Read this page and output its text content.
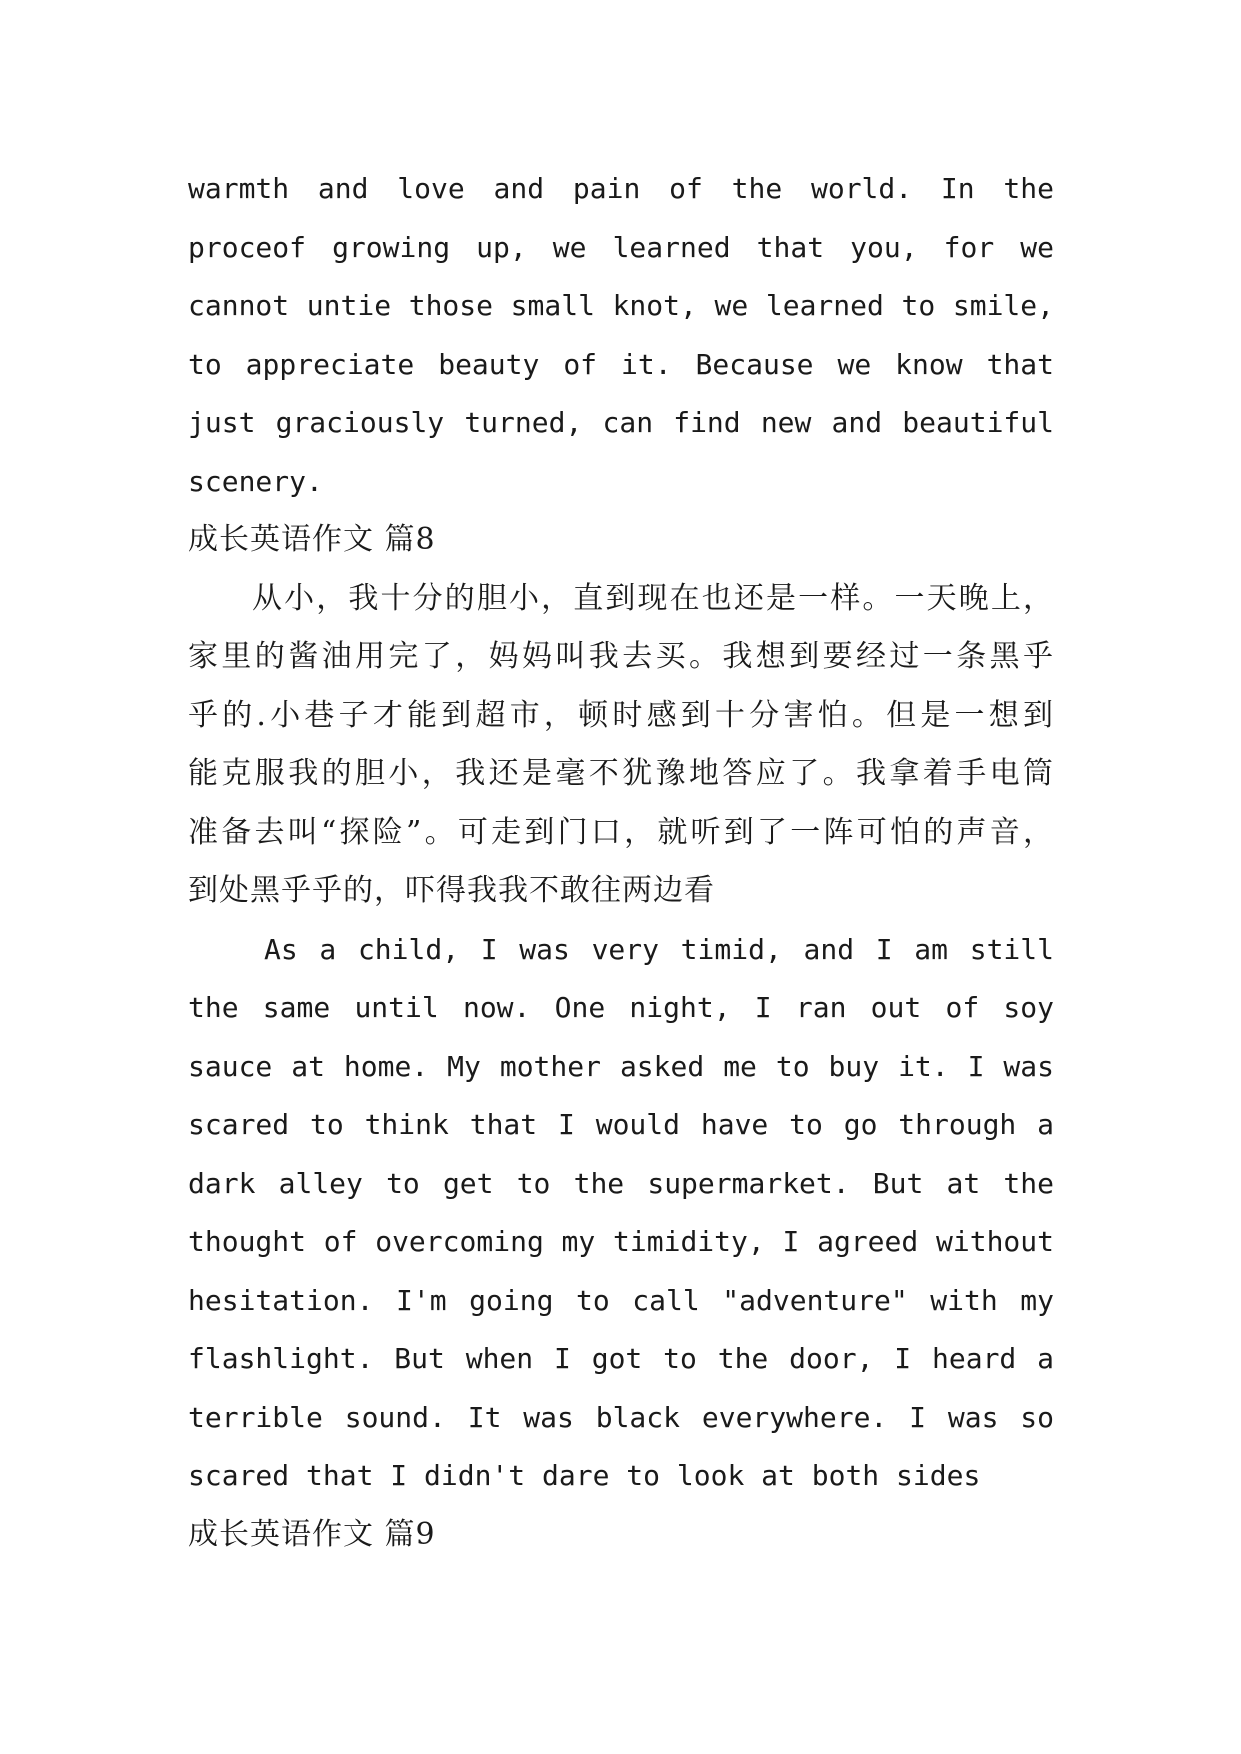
warmth and love and pain of the world. In the
proceof growing up, we learned that you, for we
cannot untie those small knot, we learned to smile,
to appreciate beauty of it. Because we know that
just graciously turned, can find new and beautiful
scenery.
成长英语作文 篇8
从小，我十分的胆小，直到现在也还是一样。一天晚上，
家里的酱油用完了，妈妈叫我去买。我想到要经过一条黑乎
乎的.小巷子才能到超市，顿时感到十分害怕。但是一想到
能克服我的胆小，我还是毫不犹豫地答应了。我拿着手电筒
准备去叫“探险”。可走到门口，就听到了一阵可怕的声音，
到处黑乎乎的，吓得我我不敢往两边看
As a child, I was very timid, and I am still
the same until now. One night, I ran out of soy
sauce at home. My mother asked me to buy it. I was
scared to think that I would have to go through a
dark alley to get to the supermarket. But at the
thought of overcoming my timidity, I agreed without
hesitation. I'm going to call "adventure" with my
flashlight. But when I got to the door, I heard a
terrible sound. It was black everywhere. I was so
scared that I didn't dare to look at both sides
成长英语作文 篇9
